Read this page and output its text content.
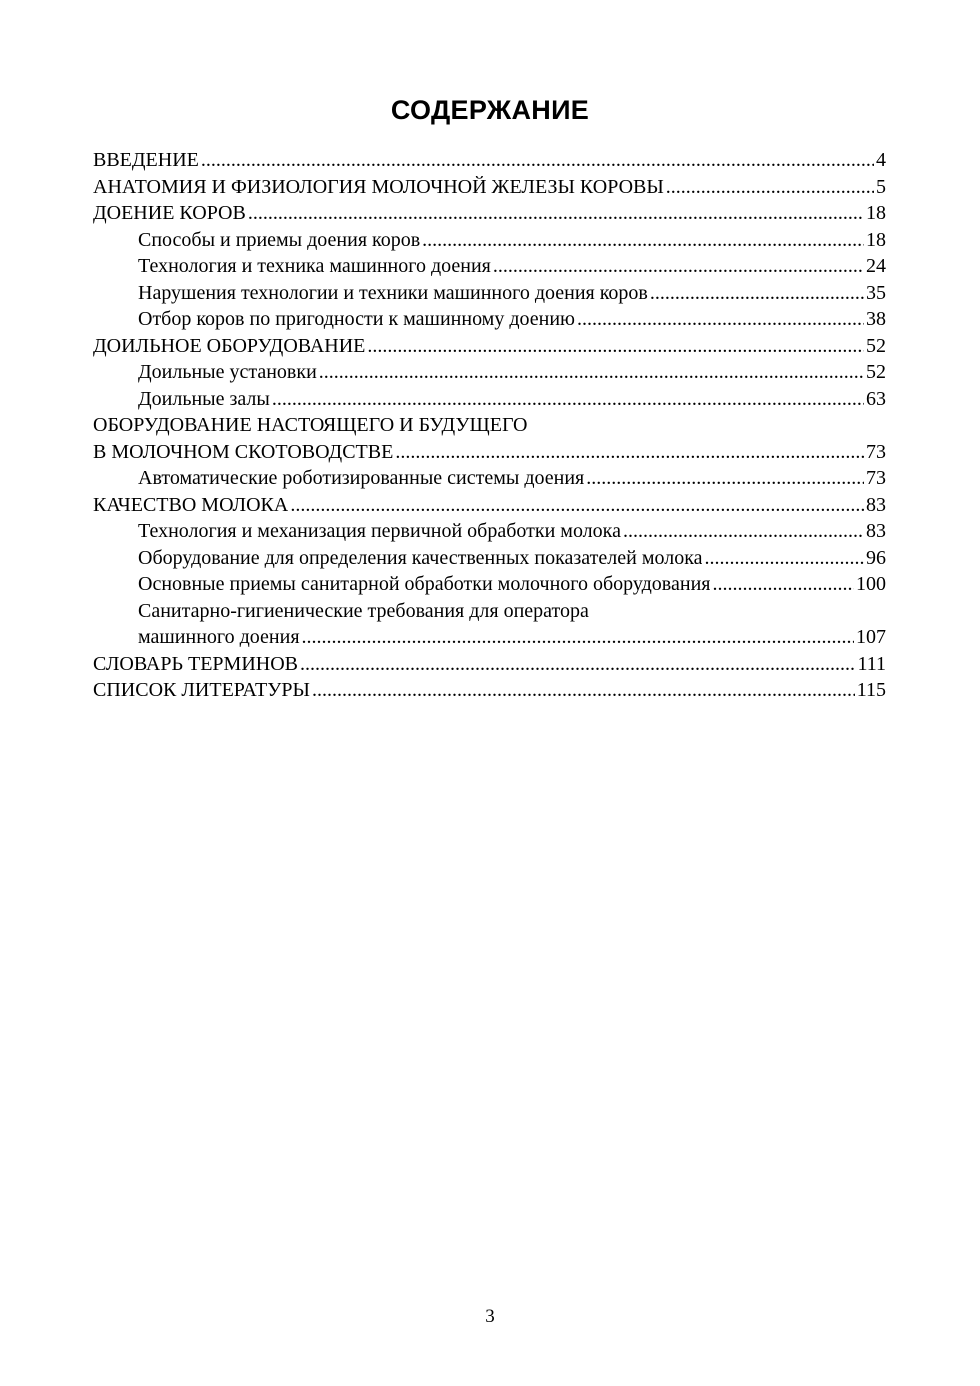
СОДЕРЖАНИЕ
ВВЕДЕНИЕ .....	4
АНАТОМИЯ И ФИЗИОЛОГИЯ МОЛОЧНОЙ ЖЕЛЕЗЫ КОРОВЫ .....	5
ДОЕНИЕ КОРОВ .....	18
Способы и приемы доения коров .....	18
Технология и техника машинного доения .....	24
Нарушения технологии и техники машинного доения коров .....	35
Отбор коров по пригодности к машинному доению .....	38
ДОИЛЬНОЕ ОБОРУДОВАНИЕ .....	52
Доильные установки .....	52
Доильные залы .....	63
ОБОРУДОВАНИЕ НАСТОЯЩЕГО И БУДУЩЕГО
В МОЛОЧНОМ СКОТОВОДСТВЕ .....	73
Автоматические роботизированные системы доения .....	73
КАЧЕСТВО МОЛОКА .....	83
Технология и механизация первичной обработки молока .....	83
Оборудование для определения качественных показателей молока .....	96
Основные приемы санитарной обработки молочного оборудования .....	100
Санитарно-гигиенические требования для оператора
машинного доения .....	107
СЛОВАРЬ ТЕРМИНОВ .....	111
СПИСОК ЛИТЕРАТУРЫ .....	115
3
